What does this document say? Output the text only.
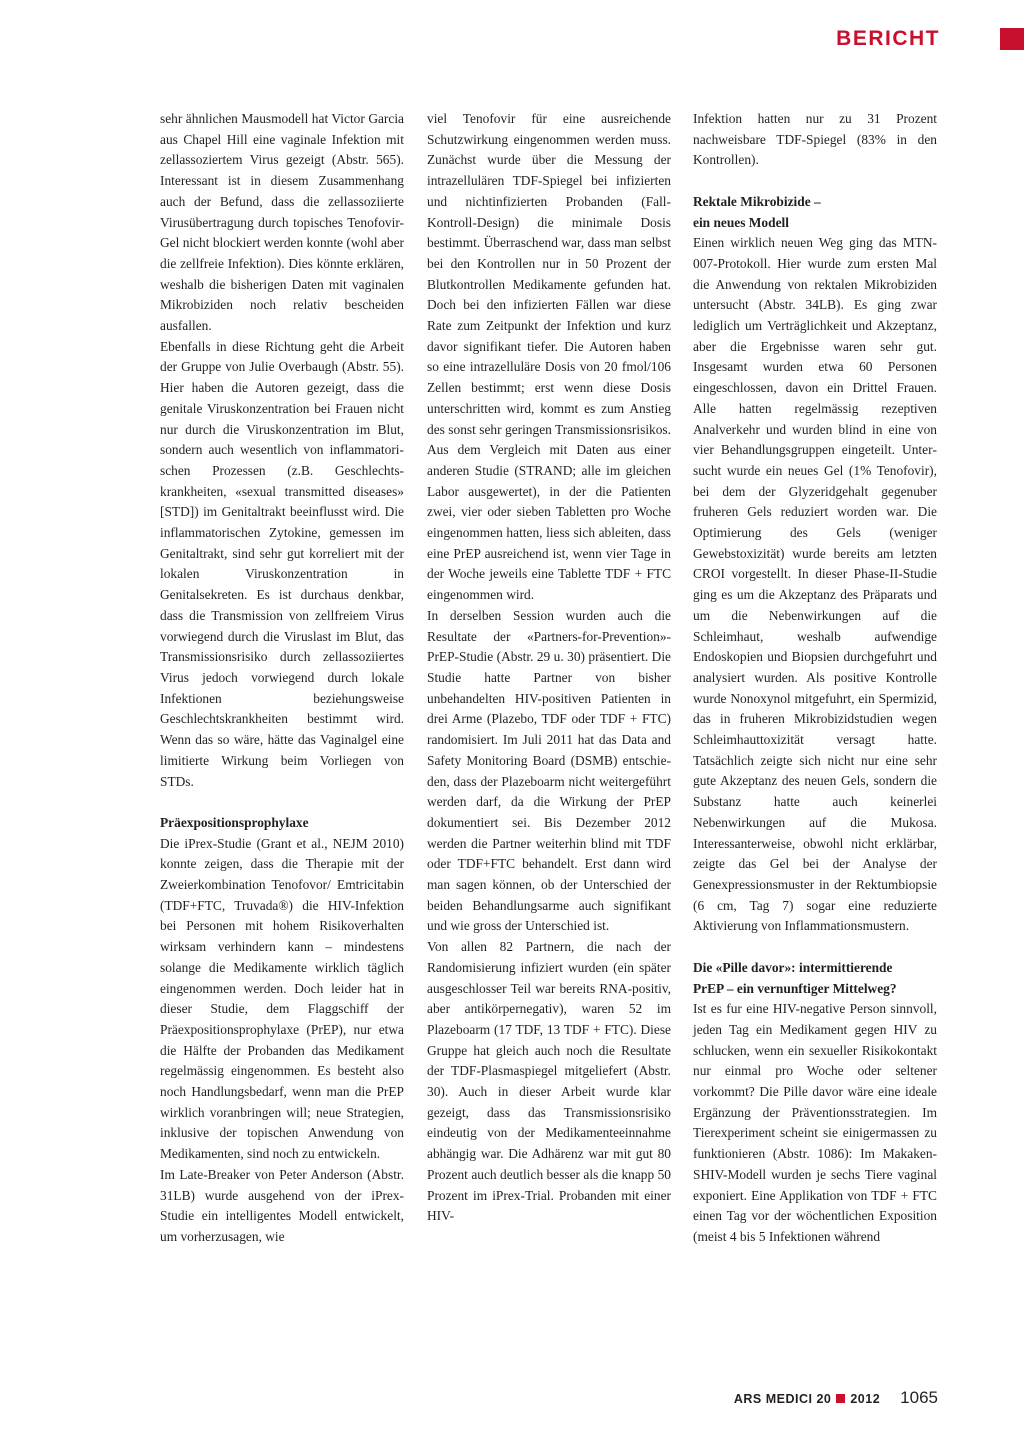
BERICHT

sehr ähnlichen Mausmodell hat Victor Garcia aus Chapel Hill eine vaginale Infektion mit zellassoziertem Virus gezeigt (Abstr. 565). Interessant ist in diesem Zusammenhang auch der Befund, dass die zellassoziierte Virusübertragung durch topisches Tenofovir-Gel nicht blockiert werden konnte (wohl aber die zellfreie Infektion). Dies könnte erklären, weshalb die bisherigen Daten mit vaginalen Mikrobiziden noch relativ bescheiden ausfallen.

Ebenfalls in diese Richtung geht die Arbeit der Gruppe von Julie Overbaugh (Abstr. 55). Hier haben die Autoren gezeigt, dass die genitale Viruskonzentration bei Frauen nicht nur durch die Viruskonzentration im Blut, sondern auch wesentlich von inflammatorischen Prozessen (z.B. Geschlechtskrankheiten, «sexual transmitted diseases» [STD]) im Genitaltrakt beeinflusst wird. Die inflammatorischen Zytokine, gemessen im Genitaltrakt, sind sehr gut korreliert mit der lokalen Viruskonzentration in Genitalsekreten. Es ist durchaus denkbar, dass die Transmission von zellfreiem Virus vorwiegend durch die Viruslast im Blut, das Transmissionsrisiko durch zellassoziiertes Virus jedoch vorwiegend durch lokale Infektionen beziehungsweise Geschlechtskrankheiten bestimmt wird. Wenn das so wäre, hätte das Vaginalgel eine limitierte Wirkung beim Vorliegen von STDs.

Präexpositionsprophylaxe

Die iPrex-Studie (Grant et al., NEJM 2010) konnte zeigen, dass die Therapie mit der Zweierkombination Tenofovor/ Emtricitabin (TDF+FTC, Truvada®) die HIV-Infektion bei Personen mit hohem Risikoverhalten wirksam verhindern kann – mindestens solange die Medikamente wirklich täglich eingenommen werden. Doch leider hat in dieser Studie, dem Flaggschiff der Präexpositionsprophylaxe (PrEP), nur etwa die Hälfte der Probanden das Medikament regelmässig eingenommen. Es besteht also noch Handlungsbedarf, wenn man die PrEP wirklich voranbringen will; neue Strategien, inklusive der topischen Anwendung von Medikamenten, sind noch zu entwickeln.

Im Late-Breaker von Peter Anderson (Abstr. 31LB) wurde ausgehend von der iPrex-Studie ein intelligentes Modell entwickelt, um vorherzusagen, wie

viel Tenofovir für eine ausreichende Schutzwirkung eingenommen werden muss. Zunächst wurde über die Messung der intrazellulären TDF-Spiegel bei infizierten und nichtinfizierten Probanden (Fall-Kontroll-Design) die minimale Dosis bestimmt. Überraschend war, dass man selbst bei den Kontrollen nur in 50 Prozent der Blutkontrollen Medikamente gefunden hat. Doch bei den infizierten Fällen war diese Rate zum Zeitpunkt der Infektion und kurz davor signifikant tiefer. Die Autoren haben so eine intrazelluläre Dosis von 20 fmol/106 Zellen bestimmt; erst wenn diese Dosis unterschritten wird, kommt es zum Anstieg des sonst sehr geringen Transmissionsrisikos. Aus dem Vergleich mit Daten aus einer anderen Studie (STRAND; alle im gleichen Labor ausgewertet), in der die Patienten zwei, vier oder sieben Tabletten pro Woche eingenommen hatten, liess sich ableiten, dass eine PrEP ausreichend ist, wenn vier Tage in der Woche jeweils eine Tablette TDF + FTC eingenommen wird.

In derselben Session wurden auch die Resultate der «Partners-for-Prevention»-PrEP-Studie (Abstr. 29 u. 30) präsentiert. Die Studie hatte Partner von bisher unbehandelten HIV-positiven Patienten in drei Arme (Plazebo, TDF oder TDF + FTC) randomisiert. Im Juli 2011 hat das Data and Safety Monitoring Board (DSMB) entschieden, dass der Plazeboarm nicht weitergeführt werden darf, da die Wirkung der PrEP dokumentiert sei. Bis Dezember 2012 werden die Partner weiterhin blind mit TDF oder TDF+FTC behandelt. Erst dann wird man sagen können, ob der Unterschied der beiden Behandlungsarme auch signifikant und wie gross der Unterschied ist.

Von allen 82 Partnern, die nach der Randomisierung infiziert wurden (ein später ausgeschlosser Teil war bereits RNA-positiv, aber antikörpernegativ), waren 52 im Plazeboarm (17 TDF, 13 TDF + FTC). Diese Gruppe hat gleich auch noch die Resultate der TDF-Plasmaspiegel mitgeliefert (Abstr. 30). Auch in dieser Arbeit wurde klar gezeigt, dass das Transmissionsrisiko eindeutig von der Medikamenteeinnahme abhängig war. Die Adhärenz war mit gut 80 Prozent auch deutlich besser als die knapp 50 Prozent im iPrex-Trial. Probanden mit einer HIV-

Infektion hatten nur zu 31 Prozent nachweisbare TDF-Spiegel (83% in den Kontrollen).

Rektale Mikrobizide –
ein neues Modell

Einen wirklich neuen Weg ging das MTN-007-Protokoll. Hier wurde zum ersten Mal die Anwendung von rektalen Mikrobiziden untersucht (Abstr. 34LB). Es ging zwar lediglich um Verträglichkeit und Akzeptanz, aber die Ergebnisse waren sehr gut. Insgesamt wurden etwa 60 Personen eingeschlossen, davon ein Drittel Frauen. Alle hatten regelmässig rezeptiven Analverkehr und wurden blind in eine von vier Behandlungsgruppen eingeteilt. Untersucht wurde ein neues Gel (1% Tenofovir), bei dem der Glyzeridgehalt gegenuber fruheren Gels reduziert worden war. Die Optimierung des Gels (weniger Gewebstoxizität) wurde bereits am letzten CROI vorgestellt. In dieser Phase-II-Studie ging es um die Akzeptanz des Präparats und um die Nebenwirkungen auf die Schleimhaut, weshalb aufwendige Endoskopien und Biopsien durchgefuhrt und analysiert wurden. Als positive Kontrolle wurde Nonoxynol mitgefuhrt, ein Spermizid, das in fruheren Mikrobizidstudien wegen Schleimhauttoxizität versagt hatte. Tatsächlich zeigte sich nicht nur eine sehr gute Akzeptanz des neuen Gels, sondern die Substanz hatte auch keinerlei Nebenwirkungen auf die Mukosa. Interessanterweise, obwohl nicht erklärbar, zeigte das Gel bei der Analyse der Genexpressionsmuster in der Rektumbiopsie (6 cm, Tag 7) sogar eine reduzierte Aktivierung von Inflammationsmustern.

Die «Pille davor»: intermittierende
PrEP – ein vernunftiger Mittelweg?

Ist es fur eine HIV-negative Person sinnvoll, jeden Tag ein Medikament gegen HIV zu schlucken, wenn ein sexueller Risikokontakt nur einmal pro Woche oder seltener vorkommt? Die Pille davor wäre eine ideale Ergänzung der Präventionsstrategien. Im Tierexperiment scheint sie einigermassen zu funktionieren (Abstr. 1086): Im Makaken-SHIV-Modell wurden je sechs Tiere vaginal exponiert. Eine Applikation von TDF + FTC einen Tag vor der wöchentlichen Exposition (meist 4 bis 5 Infektionen während

ARS MEDICI 20 2012 1065
